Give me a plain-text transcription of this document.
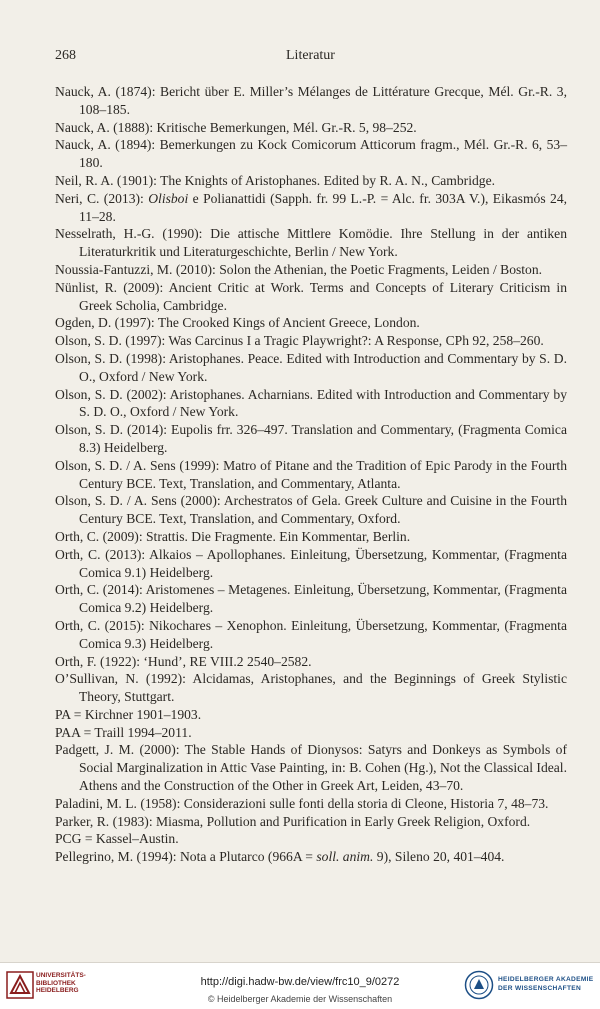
268	Literatur
Nauck, A. (1874): Bericht über E. Miller’s Mélanges de Littérature Grecque, Mél. Gr.-R. 3, 108–185.
Nauck, A. (1888): Kritische Bemerkungen, Mél. Gr.-R. 5, 98–252.
Nauck, A. (1894): Bemerkungen zu Kock Comicorum Atticorum fragm., Mél. Gr.-R. 6, 53–180.
Neil, R. A. (1901): The Knights of Aristophanes. Edited by R. A. N., Cambridge.
Neri, C. (2013): Olisboi e Polianattidi (Sapph. fr. 99 L.-P. = Alc. fr. 303A V.), Eikasmós 24, 11–28.
Nesselrath, H.-G. (1990): Die attische Mittlere Komödie. Ihre Stellung in der antiken Literaturkritik und Literaturgeschichte, Berlin / New York.
Noussia-Fantuzzi, M. (2010): Solon the Athenian, the Poetic Fragments, Leiden / Boston.
Nünlist, R. (2009): Ancient Critic at Work. Terms and Concepts of Literary Criticism in Greek Scholia, Cambridge.
Ogden, D. (1997): The Crooked Kings of Ancient Greece, London.
Olson, S. D. (1997): Was Carcinus I a Tragic Playwright?: A Response, CPh 92, 258–260.
Olson, S. D. (1998): Aristophanes. Peace. Edited with Introduction and Commentary by S. D. O., Oxford / New York.
Olson, S. D. (2002): Aristophanes. Acharnians. Edited with Introduction and Commentary by S. D. O., Oxford / New York.
Olson, S. D. (2014): Eupolis frr. 326–497. Translation and Commentary, (Fragmenta Comica 8.3) Heidelberg.
Olson, S. D. / A. Sens (1999): Matro of Pitane and the Tradition of Epic Parody in the Fourth Century BCE. Text, Translation, and Commentary, Atlanta.
Olson, S. D. / A. Sens (2000): Archestratos of Gela. Greek Culture and Cuisine in the Fourth Century BCE. Text, Translation, and Commentary, Oxford.
Orth, C. (2009): Strattis. Die Fragmente. Ein Kommentar, Berlin.
Orth, C. (2013): Alkaios – Apollophanes. Einleitung, Übersetzung, Kommentar, (Fragmenta Comica 9.1) Heidelberg.
Orth, C. (2014): Aristomenes – Metagenes. Einleitung, Übersetzung, Kommentar, (Fragmenta Comica 9.2) Heidelberg.
Orth, C. (2015): Nikochares – Xenophon. Einleitung, Übersetzung, Kommentar, (Fragmenta Comica 9.3) Heidelberg.
Orth, F. (1922): ‘Hund’, RE VIII.2 2540–2582.
O’Sullivan, N. (1992): Alcidamas, Aristophanes, and the Beginnings of Greek Stylistic Theory, Stuttgart.
PA = Kirchner 1901–1903.
PAA = Traill 1994–2011.
Padgett, J. M. (2000): The Stable Hands of Dionysos: Satyrs and Donkeys as Symbols of Social Marginalization in Attic Vase Painting, in: B. Cohen (Hg.), Not the Classical Ideal. Athens and the Construction of the Other in Greek Art, Leiden, 43–70.
Paladini, M. L. (1958): Considerazioni sulle fonti della storia di Cleone, Historia 7, 48–73.
Parker, R. (1983): Miasma, Pollution and Purification in Early Greek Religion, Oxford.
PCG = Kassel–Austin.
Pellegrino, M. (1994): Nota a Plutarco (966A = soll. anim. 9), Sileno 20, 401–404.
UNIVERSITÄTS-
BIBLIOTHEK
HEIDELBERG
http://digi.hadw-bw.de/view/frc10_9/0272
© Heidelberger Akademie der Wissenschaften
HEIDELBERGER AKADEMIE
DER WISSENSCHAFTEN
